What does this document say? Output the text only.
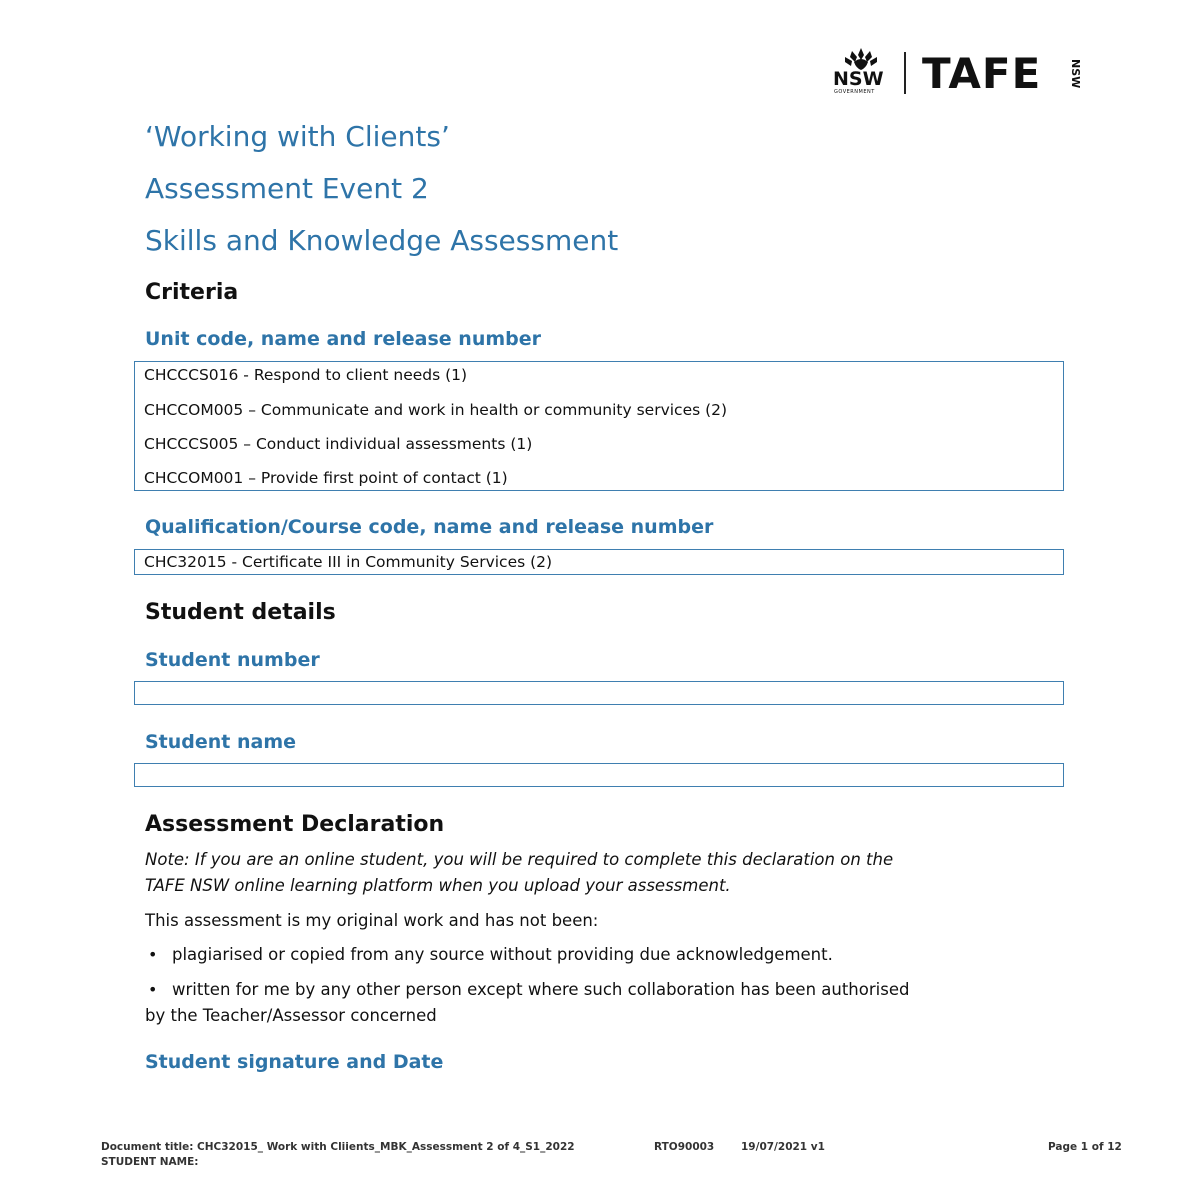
NSW
GOVERNMENT TAFE	NSW
‘Working with Clients’
Assessment Event 2
Skills and Knowledge Assessment
Criteria
Unit code, name and release number
CHCCCS016 - Respond to client needs (1)
CHCCOM005 – Communicate and work in health or community services (2)
CHCCCS005 – Conduct individual assessments (1)
CHCCOM001 – Provide first point of contact (1)
Qualification/Course code, name and release number
CHC32015 - Certificate III in Community Services (2)
Student details
Student number
Student name
Assessment Declaration
Note: If you are an online student, you will be required to complete this declaration on the
TAFE NSW online learning platform when you upload your assessment.
This assessment is my original work and has not been:
• plagiarised or copied from any source without providing due acknowledgement.
• written for me by any other person except where such collaboration has been authorised
by the Teacher/Assessor concerned
Student signature and Date
Document title: CHC32015_ Work with Cliients_MBK_Assessment 2 of 4_S1_2022	RTO90003	19/07/2021 v1	Page 1 of 12
STUDENT NAME:
